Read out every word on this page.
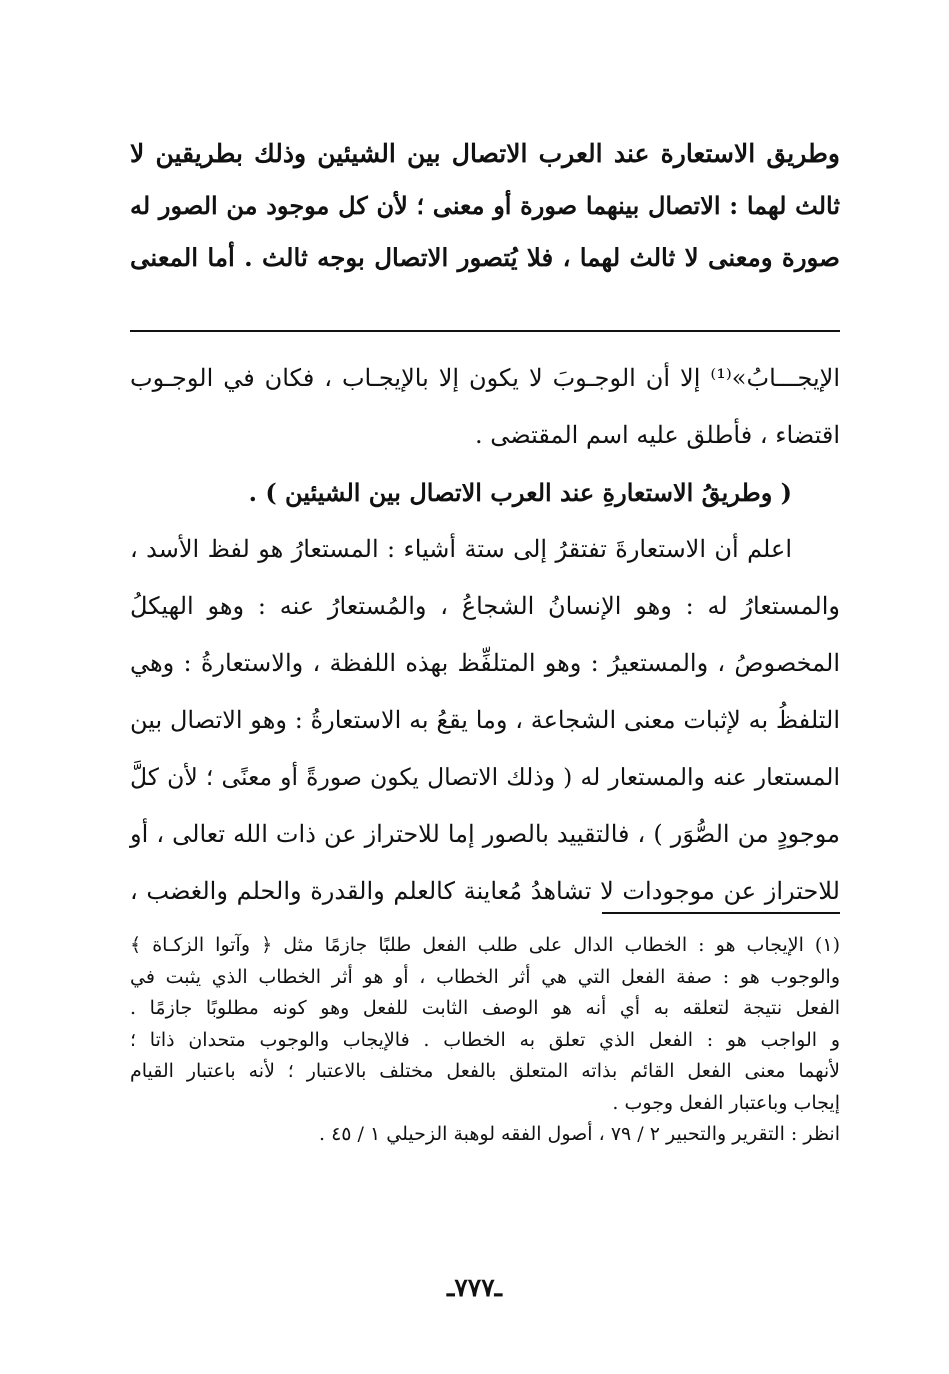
وطريق الاستعارة عند العرب الاتصال بين الشيئين وذلك بطريقين لا
ثالث لهما : الاتصال بينهما صورة أو معنى ؛ لأن كل موجود من الصور له
صورة ومعنى لا ثالث لهما ، فلا يُتصور الاتصال بوجه ثالث . أما المعنى
الإيجـــابُ»⁽¹⁾ إلا أن الوجـوبَ لا يكون إلا بالإيجـاب ، فكان في الوجـوب
اقتضاء ، فأطلق عليه اسم المقتضى .
( وطريقُ الاستعارةِ عند العرب الاتصال بين الشيئين ) .
اعلم أن الاستعارةَ تفتقرُ إلى ستة أشياء : المستعارُ هو لفظ الأسد ،
والمستعارُ له : وهو الإنسانُ الشجاعُ ، والمُستعارُ عنه : وهو الهيكلُ
المخصوصُ ، والمستعيرُ : وهو المتلفِّظ بهذه اللفظة ، والاستعارةُ : وهي
التلفظُ به لإثبات معنى الشجاعة ، وما يقعُ به الاستعارةُ : وهو الاتصال بين
المستعار عنه والمستعار له ( وذلك الاتصال يكون صورةً أو معنًى ؛ لأن كلَّ
موجودٍ من الصُّوَر ) ، فالتقييد بالصور إما للاحتراز عن ذات الله تعالى ، أو
للاحتراز عن موجودات لا تشاهدُ مُعاينة كالعلم والقدرة والحلم والغضب ،
(١) الإيجاب هو : الخطاب الدال على طلب الفعل طلبًا جازمًا مثل ﴿ وآتوا الزكـاة ﴾
والوجوب هو : صفة الفعل التي هي أثر الخطاب ، أو هو أثر الخطاب الذي يثبت في
الفعل نتيجة لتعلقه به أي أنه هو الوصف الثابت للفعل وهو كونه مطلوبًا جازمًا .
و الواجب هو : الفعل الذي تعلق به الخطاب . فالإيجاب والوجوب متحدان ذاتا ؛
لأنهما معنى الفعل القائم بذاته المتعلق بالفعل مختلف بالاعتبار ؛ لأنه باعتبار القيام
إيجاب وباعتبار الفعل وجوب .
انظر : التقرير والتحبير ٢ / ٧٩ ، أصول الفقه لوهبة الزحيلي ١ / ٤٥ .
ـ٧٧٧ـ
